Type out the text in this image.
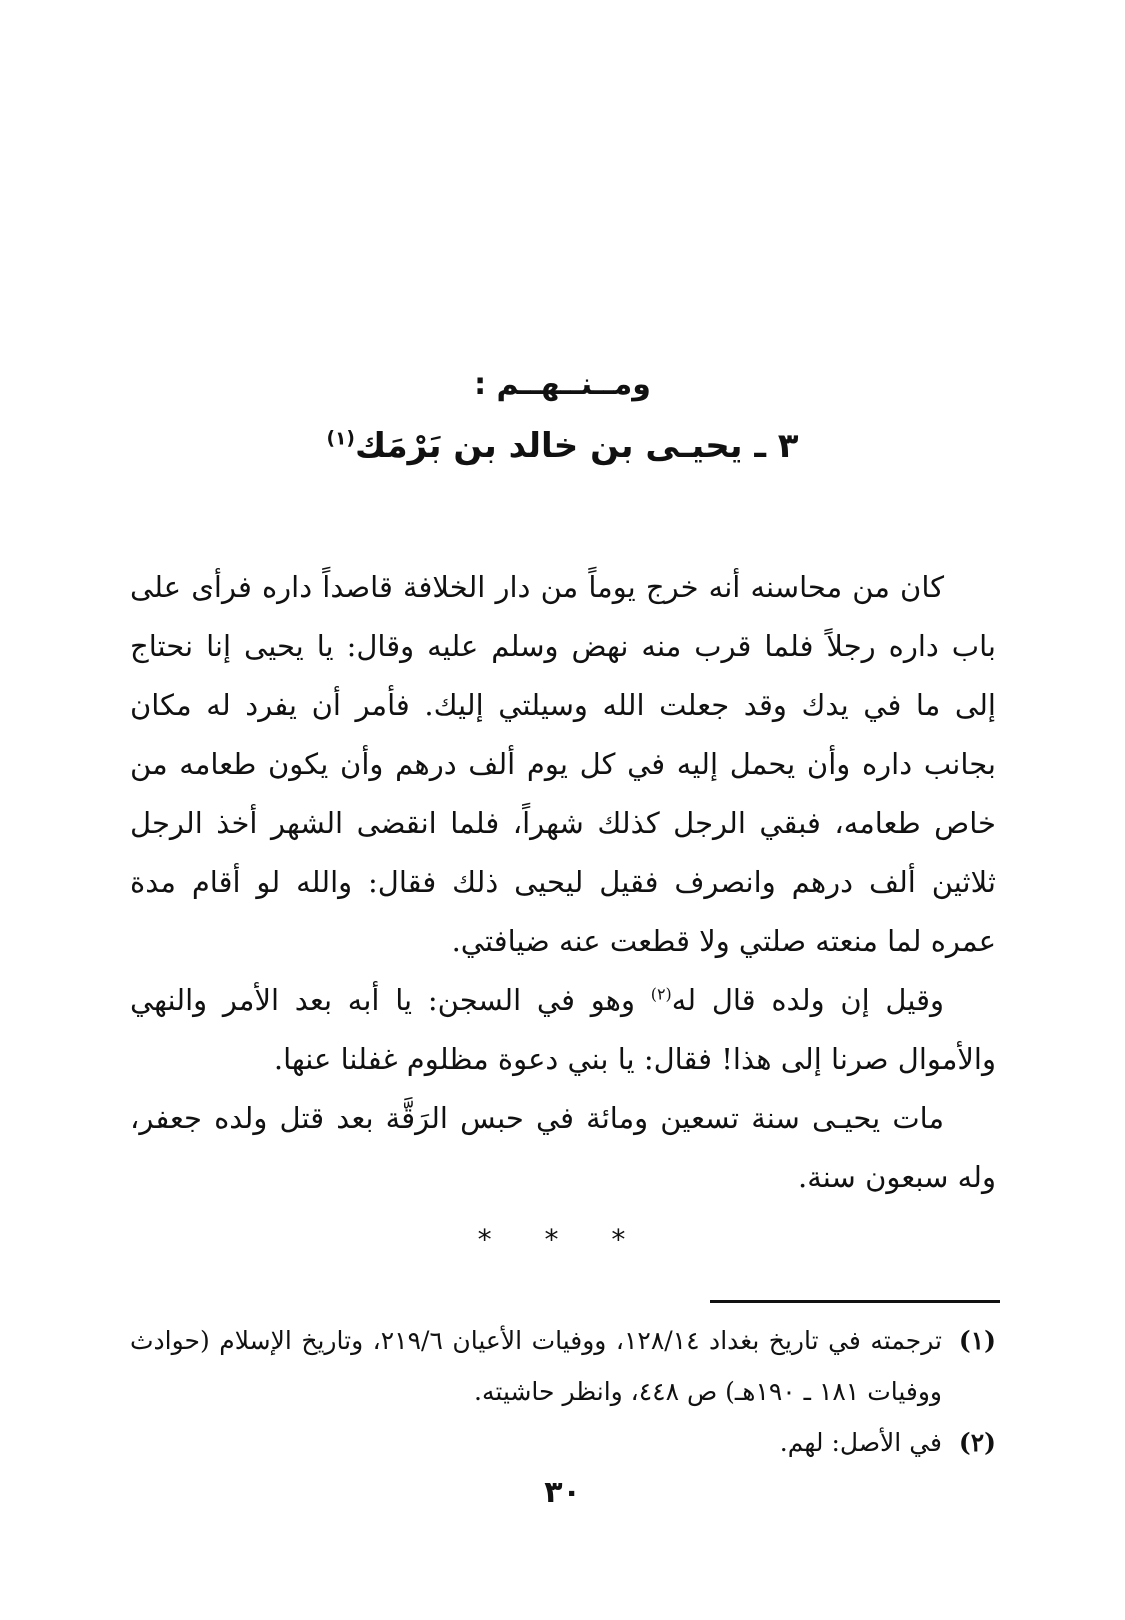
ومــنــهــم :
٣ ـ يحيـى بن خالد بن بَرْمَك$^{(١)}$

كان من محاسنه أنه خرج يوماً من دار الخلافة قاصداً داره فرأى على باب داره رجلاً فلما قرب منه نهض وسلم عليه وقال: يا يحيى إنا نحتاج إلى ما في يدك وقد جعلت الله وسيلتي إليك. فأمر أن يفرد له مكان بجانب داره وأن يحمل إليه في كل يوم ألف درهم وأن يكون طعامه من خاص طعامه، فبقي الرجل كذلك شهراً، فلما انقضى الشهر أخذ الرجل ثلاثين ألف درهم وانصرف فقيل ليحيى ذلك فقال: والله لو أقام مدة عمره لما منعته صلتي ولا قطعت عنه ضيافتي.

وقيل إن ولده قال له$^{(٢)}$ وهو في السجن: يا أبه بعد الأمر والنهي والأموال صرنا إلى هذا! فقال: يا بني دعوة مظلوم غفلنا عنها.

مات يحيـى سنة تسعين ومائة في حبس الرَقَّة بعد قتل ولده جعفر، وله سبعون سنة.

* * *
(١)
ترجمته في تاريخ بغداد ١٢٨/١٤، ووفيات الأعيان ٢١٩/٦، وتاريخ الإسلام (حوادث ووفيات ١٨١ ـ ١٩٠هـ) ص ٤٤٨، وانظر حاشيته.
(٢)
في الأصل: لهم.
٣٠
